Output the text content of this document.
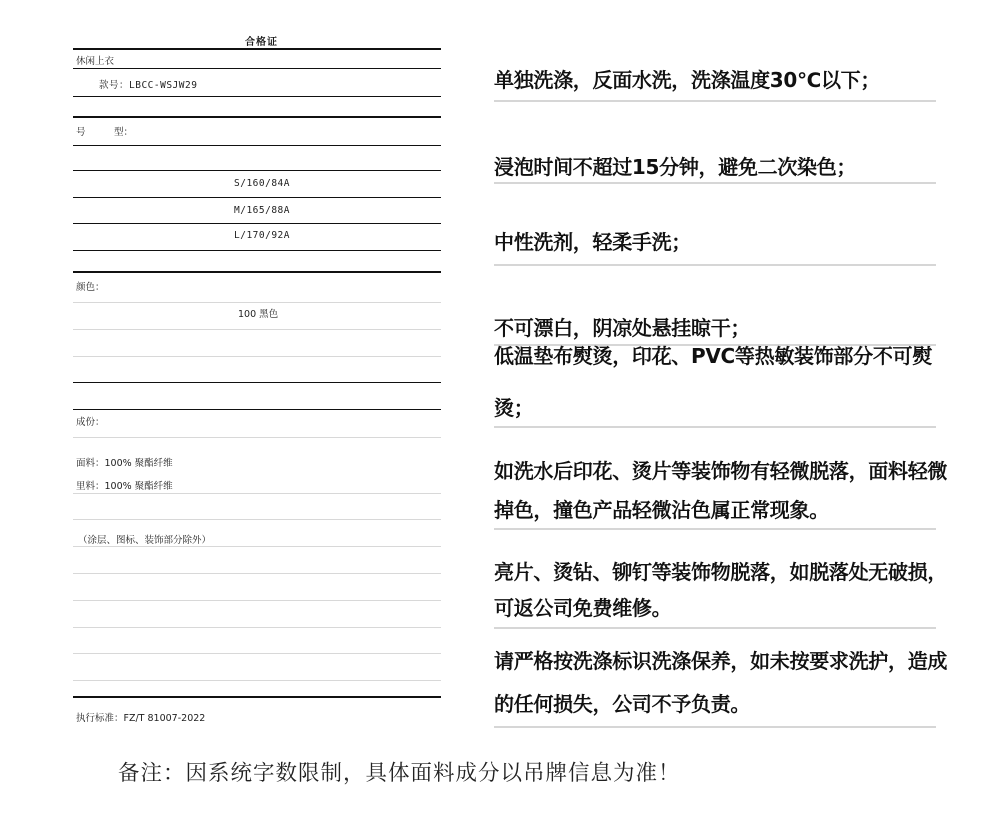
合格证
休闲上衣
款号：LBCC-WSJW29
号　　　型：
S/160/84A
M/165/88A
L/170/92A
颜色：
100 黑色
成份：
面料：100% 聚酯纤维
里料：100% 聚酯纤维
（涂层、图标、装饰部分除外）
执行标准：FZ/T 81007-2022
单独洗涤，反面水洗，洗涤温度30℃以下；
浸泡时间不超过15分钟，避免二次染色；
中性洗剂，轻柔手洗；
不可漂白，阴凉处悬挂晾干；
低温垫布熨烫，印花、PVC等热敏装饰部分不可熨
烫；
如洗水后印花、烫片等装饰物有轻微脱落，面料轻微
掉色，撞色产品轻微沾色属正常现象。
亮片、烫钻、铆钉等装饰物脱落，如脱落处无破损，
可返公司免费维修。
请严格按洗涤标识洗涤保养，如未按要求洗护，造成
的任何损失，公司不予负责。
备注：因系统字数限制，具体面料成分以吊牌信息为准！
